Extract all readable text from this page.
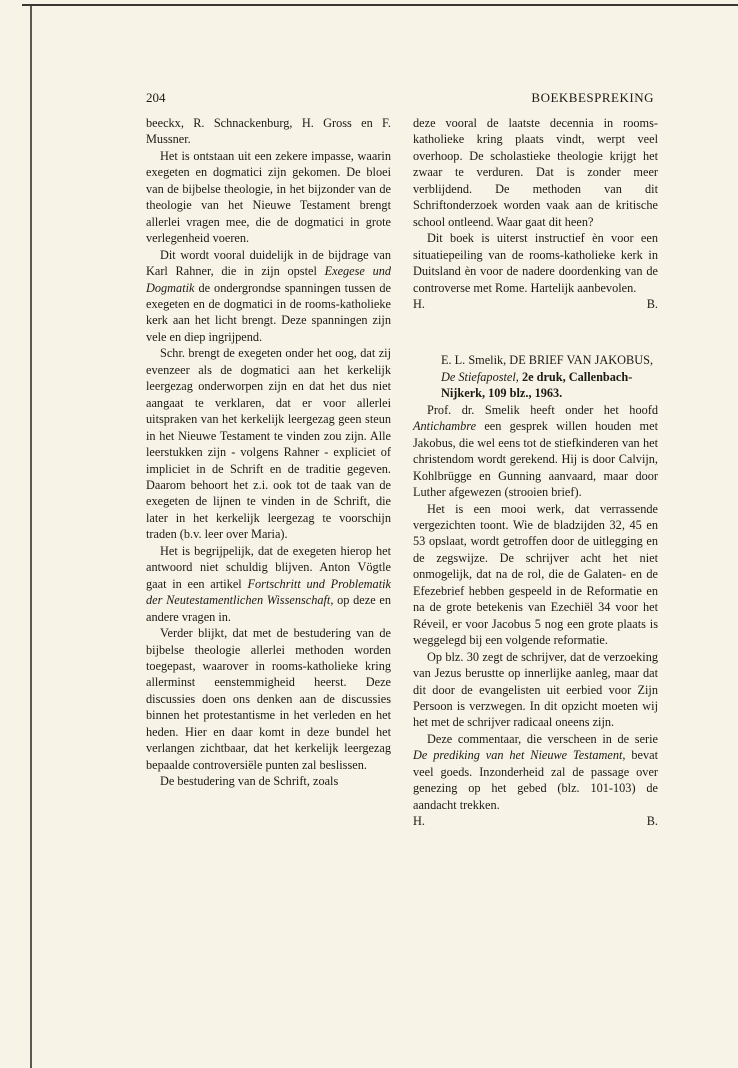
204	BOEKBESPREKING

beeckx, R. Schnackenburg, H. Gross en F. Mussner.

Het is ontstaan uit een zekere impasse, waarin exegeten en dogmatici zijn gekomen. De bloei van de bijbelse theologie, in het bijzonder van de theologie van het Nieuwe Testament brengt allerlei vragen mee, die de dogmatici in grote verlegenheid voeren.

Dit wordt vooral duidelijk in de bijdrage van Karl Rahner, die in zijn opstel Exegese und Dogmatik de ondergrondse spanningen tussen de exegeten en de dogmatici in de rooms-katholieke kerk aan het licht brengt. Deze spanningen zijn vele en diep ingrijpend.

Schr. brengt de exegeten onder het oog, dat zij evenzeer als de dogmatici aan het kerkelijk leergezag onderworpen zijn en dat het dus niet aangaat te verklaren, dat er voor allerlei uitspraken van het kerkelijk leergezag geen steun in het Nieuwe Testament te vinden zou zijn. Alle leerstukken zijn - volgens Rahner - expliciet of impliciet in de Schrift en de traditie gegeven. Daarom behoort het z.i. ook tot de taak van de exegeten de lijnen te vinden in de Schrift, die later in het kerkelijk leergezag te voorschijn traden (b.v. leer over Maria).

Het is begrijpelijk, dat de exegeten hierop het antwoord niet schuldig blijven. Anton Vögtle gaat in een artikel Fortschritt und Problematik der Neutestamentlichen Wissenschaft, op deze en andere vragen in.

Verder blijkt, dat met de bestudering van de bijbelse theologie allerlei methoden worden toegepast, waarover in rooms-katholieke kring allerminst eenstemmigheid heerst. Deze discussies doen ons denken aan de discussies binnen het protestantisme in het verleden en het heden. Hier en daar komt in deze bundel het verlangen zichtbaar, dat het kerkelijk leergezag bepaalde controversiële punten zal beslissen.

De bestudering van de Schrift, zoals

deze vooral de laatste decennia in rooms-katholieke kring plaats vindt, werpt veel overhoop. De scholastieke theologie krijgt het zwaar te verduren. Dat is zonder meer verblijdend. De methoden van dit Schriftonderzoek worden vaak aan de kritische school ontleend. Waar gaat dit heen?

Dit boek is uiterst instructief èn voor een situatiepeiling van de rooms-katholieke kerk in Duitsland èn voor de nadere doordenking van de controverse met Rome. Hartelijk aanbevolen.

H.	B.

E. L. Smelik, DE BRIEF VAN JAKOBUS, De Stiefapostel, 2e druk, Callenbach-Nijkerk, 109 blz., 1963.

Prof. dr. Smelik heeft onder het hoofd Antichambre een gesprek willen houden met Jakobus, die wel eens tot de stiefkinderen van het christendom wordt gerekend. Hij is door Calvijn, Kohlbrügge en Gunning aanvaard, maar door Luther afgewezen (strooien brief).

Het is een mooi werk, dat verrassende vergezichten toont. Wie de bladzijden 32, 45 en 53 opslaat, wordt getroffen door de uitlegging en de zegswijze. De schrijver acht het niet onmogelijk, dat na de rol, die de Galaten- en de Efezebrief hebben gespeeld in de Reformatie en na de grote betekenis van Ezechiël 34 voor het Réveil, er voor Jacobus 5 nog een grote plaats is weggelegd bij een volgende reformatie.

Op blz. 30 zegt de schrijver, dat de verzoeking van Jezus berustte op innerlijke aanleg, maar dat dit door de evangelisten uit eerbied voor Zijn Persoon is verzwegen. In dit opzicht moeten wij het met de schrijver radicaal oneens zijn.

Deze commentaar, die verscheen in de serie De prediking van het Nieuwe Testament, bevat veel goeds. Inzonderheid zal de passage over genezing op het gebed (blz. 101-103) de aandacht trekken.

H.	B.
